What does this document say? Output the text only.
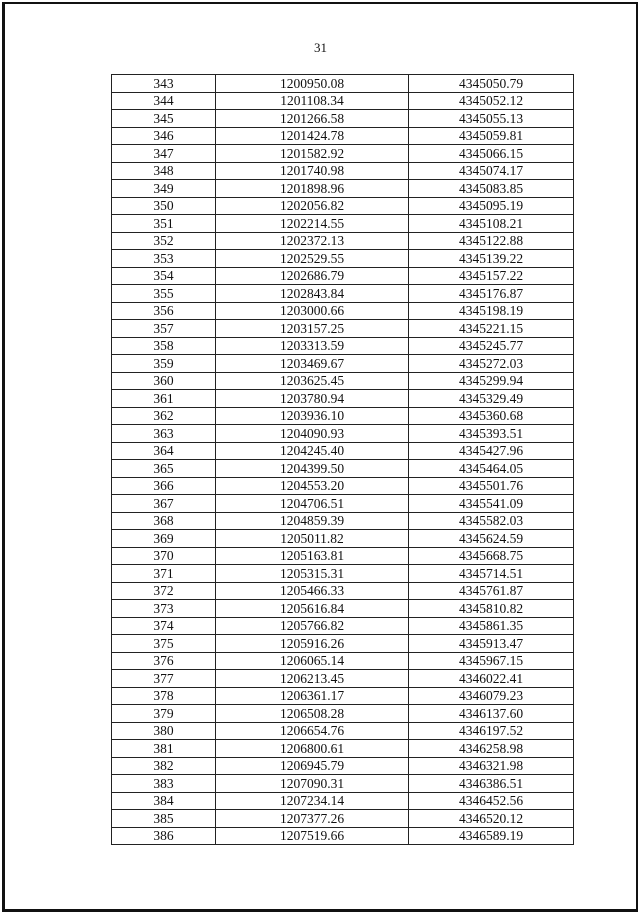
31
343	1200950.08	4345050.79
344	1201108.34	4345052.12
345	1201266.58	4345055.13
346	1201424.78	4345059.81
347	1201582.92	4345066.15
348	1201740.98	4345074.17
349	1201898.96	4345083.85
350	1202056.82	4345095.19
351	1202214.55	4345108.21
352	1202372.13	4345122.88
353	1202529.55	4345139.22
354	1202686.79	4345157.22
355	1202843.84	4345176.87
356	1203000.66	4345198.19
357	1203157.25	4345221.15
358	1203313.59	4345245.77
359	1203469.67	4345272.03
360	1203625.45	4345299.94
361	1203780.94	4345329.49
362	1203936.10	4345360.68
363	1204090.93	4345393.51
364	1204245.40	4345427.96
365	1204399.50	4345464.05
366	1204553.20	4345501.76
367	1204706.51	4345541.09
368	1204859.39	4345582.03
369	1205011.82	4345624.59
370	1205163.81	4345668.75
371	1205315.31	4345714.51
372	1205466.33	4345761.87
373	1205616.84	4345810.82
374	1205766.82	4345861.35
375	1205916.26	4345913.47
376	1206065.14	4345967.15
377	1206213.45	4346022.41
378	1206361.17	4346079.23
379	1206508.28	4346137.60
380	1206654.76	4346197.52
381	1206800.61	4346258.98
382	1206945.79	4346321.98
383	1207090.31	4346386.51
384	1207234.14	4346452.56
385	1207377.26	4346520.12
386	1207519.66	4346589.19
